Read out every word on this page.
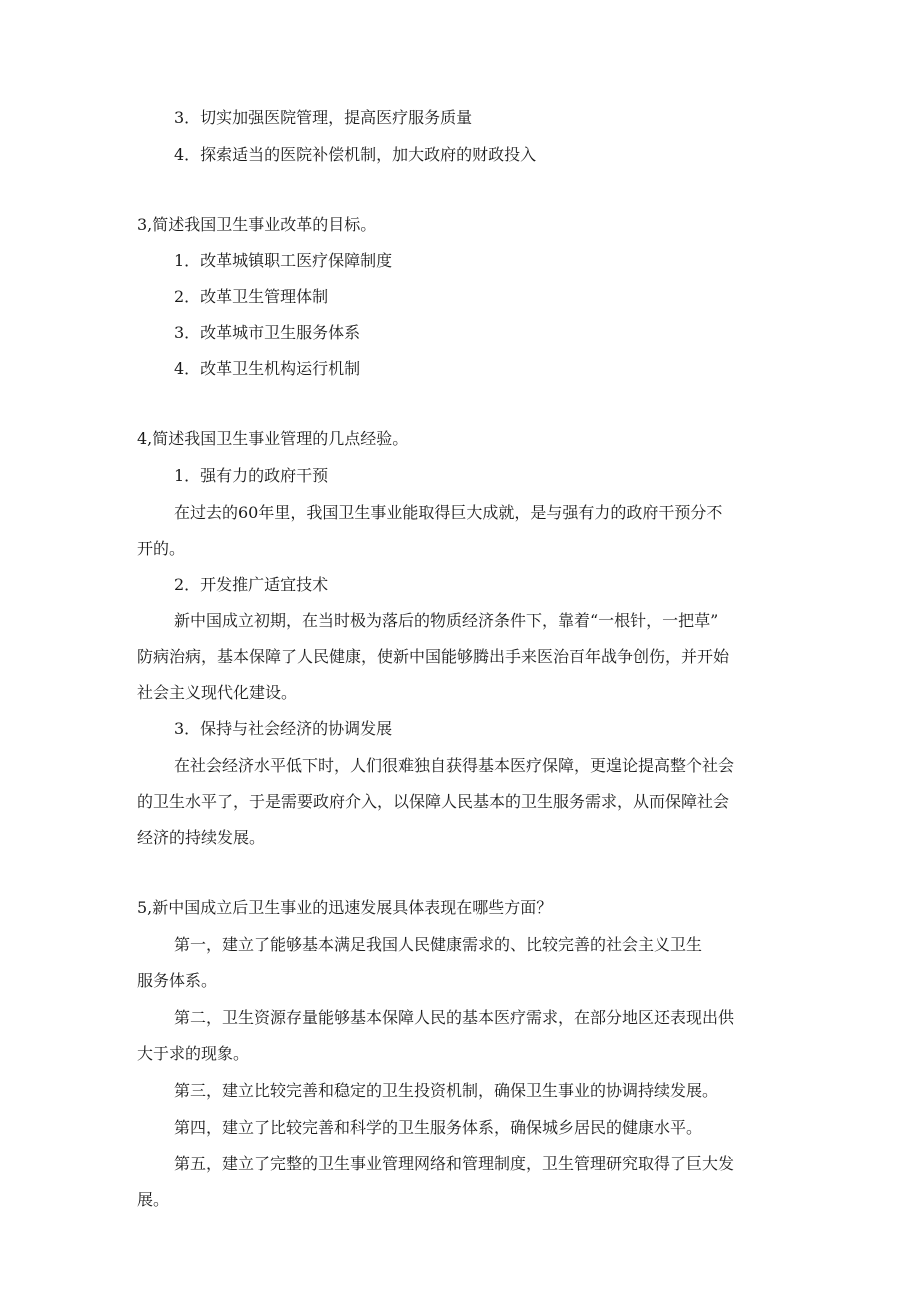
3．切实加强医院管理，提高医疗服务质量
4．探索适当的医院补偿机制，加大政府的财政投入
3,简述我国卫生事业改革的目标。
1．改革城镇职工医疗保障制度
2．改革卫生管理体制
3．改革城市卫生服务体系
4．改革卫生机构运行机制
4,简述我国卫生事业管理的几点经验。
1．强有力的政府干预
在过去的60年里，我国卫生事业能取得巨大成就，是与强有力的政府干预分不
开的。
2．开发推广适宜技术
新中国成立初期，在当时极为落后的物质经济条件下，靠着“一根针，一把草”
防病治病，基本保障了人民健康，使新中国能够腾出手来医治百年战争创伤，并开始
社会主义现代化建设。
3．保持与社会经济的协调发展
在社会经济水平低下时，人们很难独自获得基本医疗保障，更遑论提高整个社会
的卫生水平了，于是需要政府介入，以保障人民基本的卫生服务需求，从而保障社会
经济的持续发展。
5,新中国成立后卫生事业的迅速发展具体表现在哪些方面？
第一，建立了能够基本满足我国人民健康需求的、比较完善的社会主义卫生
服务体系。
第二，卫生资源存量能够基本保障人民的基本医疗需求，在部分地区还表现出供
大于求的现象。
第三，建立比较完善和稳定的卫生投资机制，确保卫生事业的协调持续发展。
第四，建立了比较完善和科学的卫生服务体系，确保城乡居民的健康水平。
第五，建立了完整的卫生事业管理网络和管理制度，卫生管理研究取得了巨大发
展。
